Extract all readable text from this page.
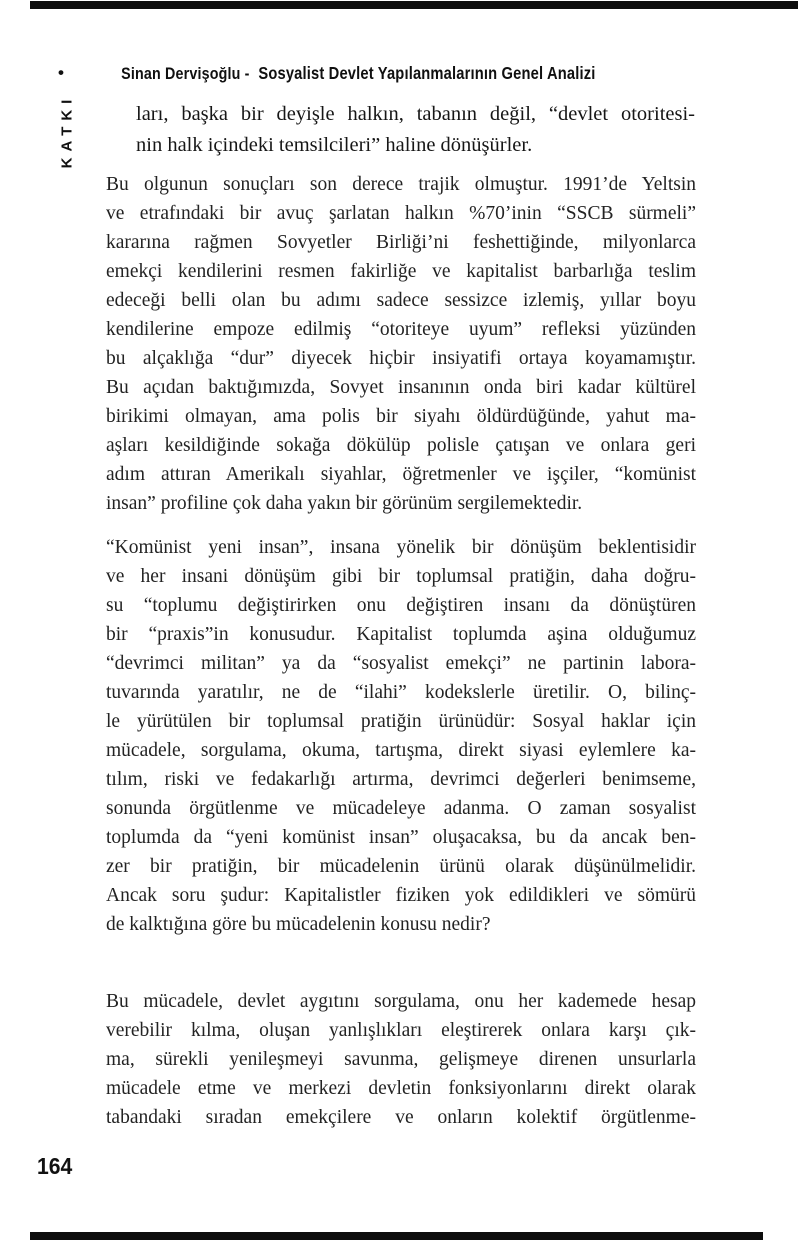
•	Sinan Dervişoğlu - Sosyalist Devlet Yapılanmalarının Genel Analizi
KATKI	ları, başka bir deyişle halkın, tabanın değil, “devlet otoritesi-
nin halk içindeki temsilcileri” haline dönüşürler.
Bu olgunun sonuçları son derece trajik olmuştur. 1991’de Yeltsin
ve etrafındaki bir avuç şarlatan halkın %70’inin “SSCB sürmeli”
kararına rağmen Sovyetler Birliği’ni feshettiğinde, milyonlarca
emekçi kendilerini resmen fakirliğe ve kapitalist barbarlığa teslim
edeceği belli olan bu adımı sadece sessizce izlemiş, yıllar boyu
kendilerine empoze edilmiş “otoriteye uyum” refleksi yüzünden
bu alçaklığa “dur” diyecek hiçbir insiyatifi ortaya koyamamıştır.
Bu açıdan baktığımızda, Sovyet insanının onda biri kadar kültürel
birikimi olmayan, ama polis bir siyahı öldürdüğünde, yahut ma-
aşları kesildiğinde sokağa dökülüp polisle çatışan ve onlara geri
adım attıran Amerikalı siyahlar, öğretmenler ve işçiler, “komünist
insan” profiline çok daha yakın bir görünüm sergilemektedir.
“Komünist yeni insan”, insana yönelik bir dönüşüm beklentisidir
ve her insani dönüşüm gibi bir toplumsal pratiğin, daha doğru-
su “toplumu değiştirirken onu değiştiren insanı da dönüştüren
bir “praxis”in konusudur. Kapitalist toplumda aşina olduğumuz
“devrimci militan” ya da “sosyalist emekçi” ne partinin labora-
tuvarında yaratılır, ne de “ilahi” kodekslerle üretilir. O, bilinç-
le yürütülen bir toplumsal pratiğin ürünüdür: Sosyal haklar için
mücadele, sorgulama, okuma, tartışma, direkt siyasi eylemlere ka-
tılım, riski ve fedakarlığı artırma, devrimci değerleri benimseme,
sonunda örgütlenme ve mücadeleye adanma. O zaman sosyalist
toplumda da “yeni komünist insan” oluşacaksa, bu da ancak ben-
zer bir pratiğin, bir mücadelenin ürünü olarak düşünülmelidir.
Ancak soru şudur: Kapitalistler fiziken yok edildikleri ve sömürü
de kalktığına göre bu mücadelenin konusu nedir?
Bu mücadele, devlet aygıtını sorgulama, onu her kademede hesap
verebilir kılma, oluşan yanlışlıkları eleştirerek onlara karşı çık-
ma, sürekli yenileşmeyi savunma, gelişmeye direnen unsurlarla
mücadele etme ve merkezi devletin fonksiyonlarını direkt olarak
tabandaki sıradan emekçilere ve onların kolektif örgütlenme-
164
